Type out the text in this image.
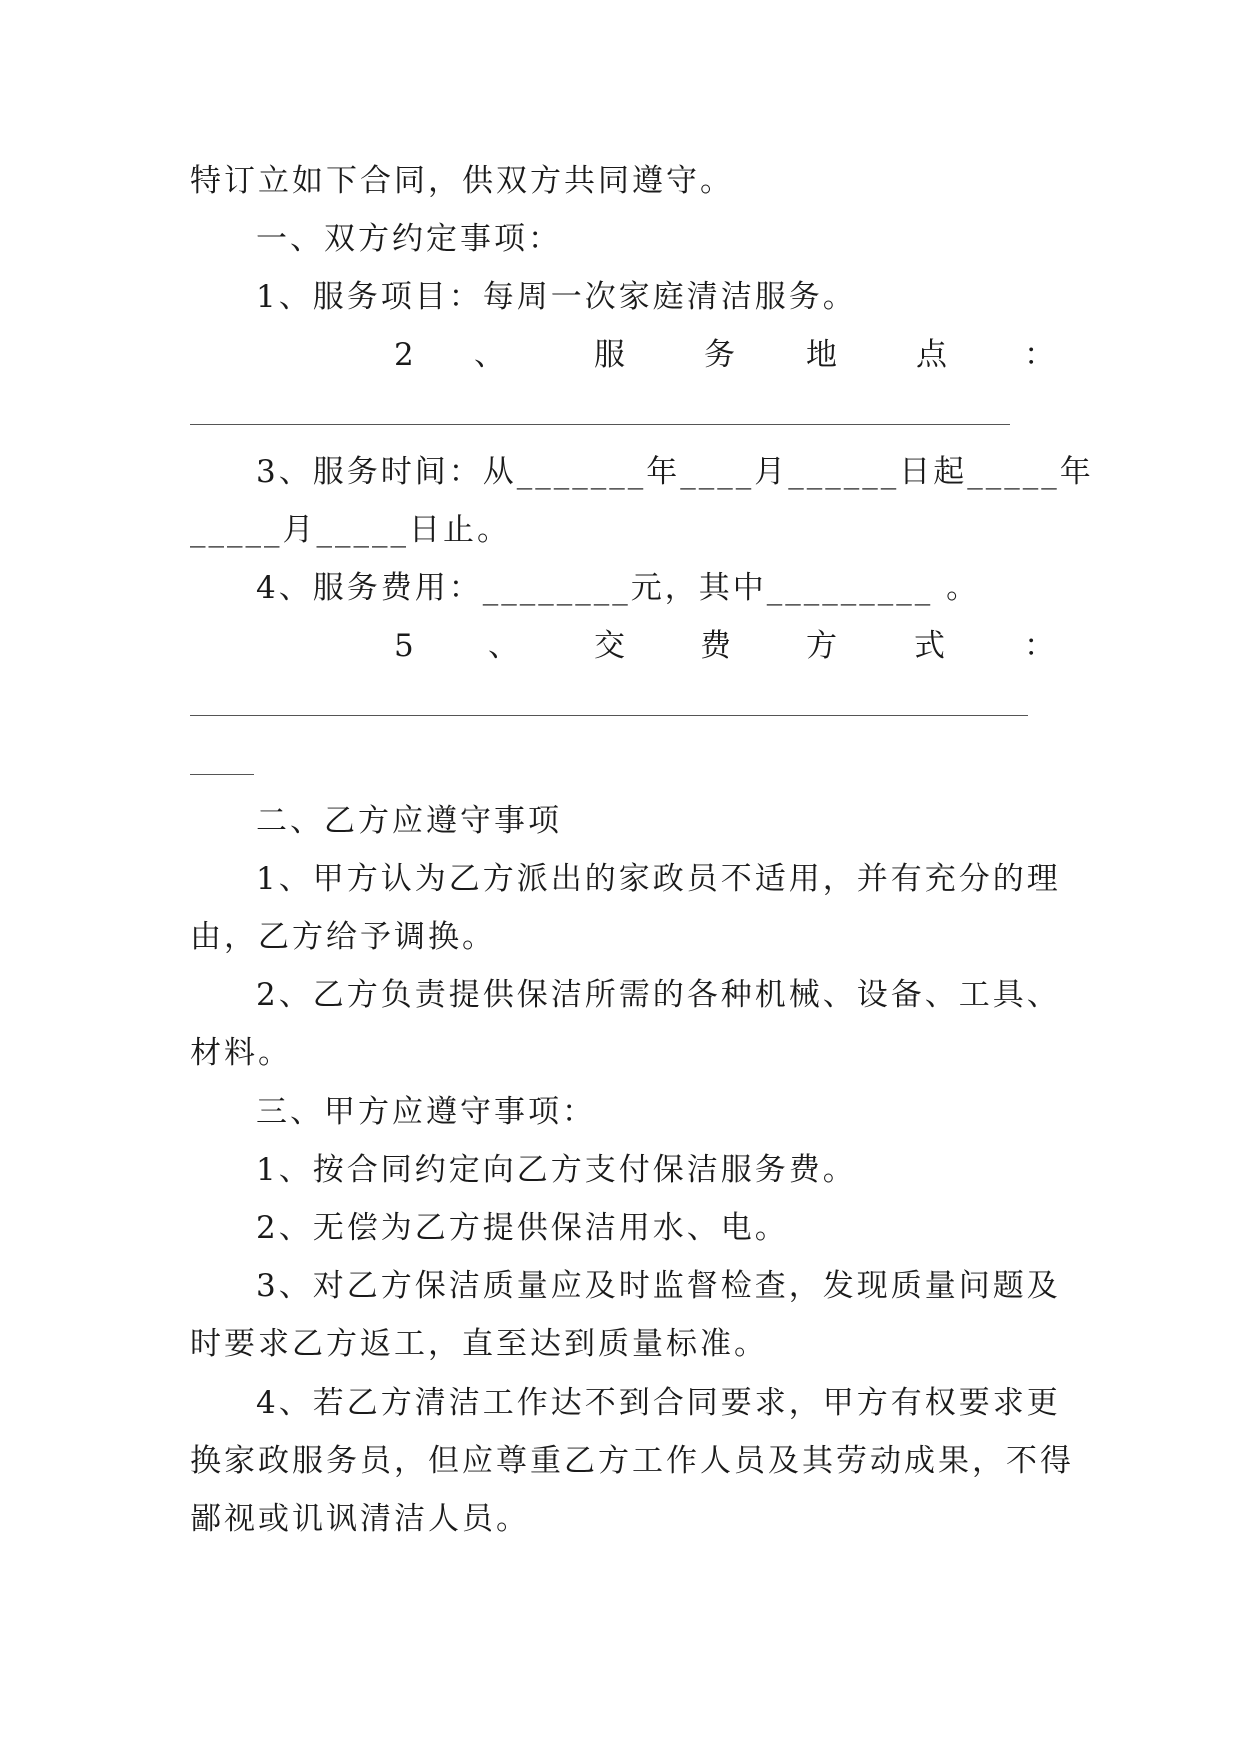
特订立如下合同，供双方共同遵守。
一、双方约定事项：
1、服务项目：每周一次家庭清洁服务。
2 、	服	务 地	点 ：
3、服务时间：从_______年____月______日起_____年
_____月_____日止。
4、服务费用：________元，其中_________ 。
5 、 交 费 方 式	：
二、乙方应遵守事项
1、甲方认为乙方派出的家政员不适用，并有充分的理
由，乙方给予调换。
2、乙方负责提供保洁所需的各种机械、设备、工具、
材料。
三、甲方应遵守事项：
1、按合同约定向乙方支付保洁服务费。
2、无偿为乙方提供保洁用水、电。
3、对乙方保洁质量应及时监督检查，发现质量问题及
时要求乙方返工，直至达到质量标准。
4、若乙方清洁工作达不到合同要求，甲方有权要求更
换家政服务员，但应尊重乙方工作人员及其劳动成果，不得
鄙视或讥讽清洁人员。
